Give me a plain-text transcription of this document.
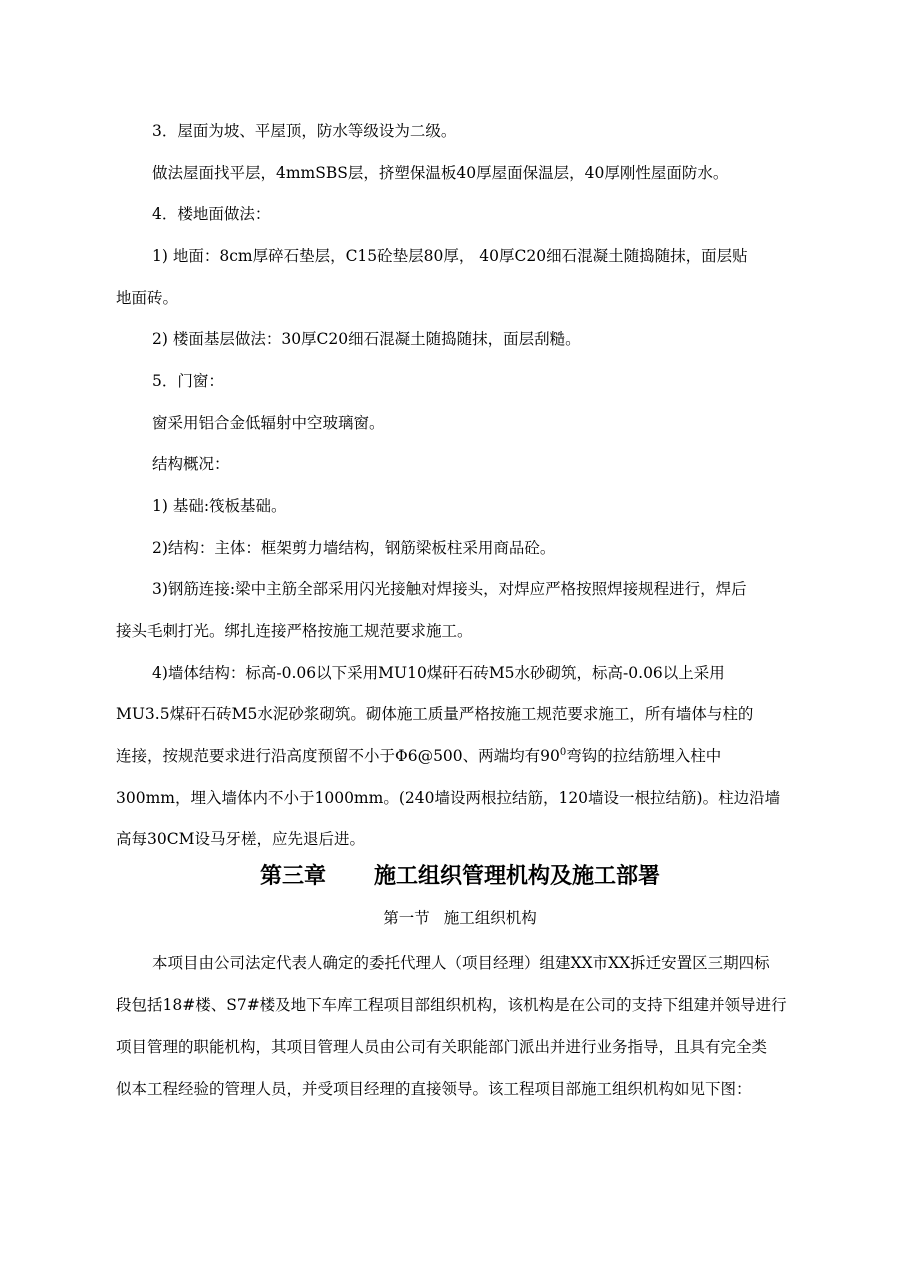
3．屋面为坡、平屋顶，防水等级设为二级。
做法屋面找平层，4mmSBS层，挤塑保温板40厚屋面保温层，40厚刚性屋面防水。
4．楼地面做法：
1) 地面：8cm厚碎石垫层，C15砼垫层80厚， 40厚C20细石混凝土随捣随抹，面层贴
地面砖。
2) 楼面基层做法：30厚C20细石混凝土随捣随抹，面层刮糙。
5．门窗：
窗采用铝合金低辐射中空玻璃窗。
结构概况：
1) 基础:筏板基础。
2)结构：主体：框架剪力墙结构，钢筋梁板柱采用商品砼。
3)钢筋连接:梁中主筋全部采用闪光接触对焊接头，对焊应严格按照焊接规程进行，焊后
接头毛刺打光。绑扎连接严格按施工规范要求施工。
4)墙体结构：标高-0.06以下采用MU10煤矸石砖M5水砂砌筑，标高-0.06以上采用
MU3.5煤矸石砖M5水泥砂浆砌筑。砌体施工质量严格按施工规范要求施工，所有墙体与柱的
连接，按规范要求进行沿高度预留不小于Φ6@500、两端均有$90^0$弯钩的拉结筋埋入柱中
300mm，埋入墙体内不小于1000mm。(240墙设两根拉结筋，120墙设一根拉结筋)。柱边沿墙
高每30CM设马牙槎，应先退后进。
第三章 施工组织管理机构及施工部署
第一节 施工组织机构
本项目由公司法定代表人确定的委托代理人（项目经理）组建XX市XX拆迁安置区三期四标
段包括18#楼、S7#楼及地下车库工程项目部组织机构，该机构是在公司的支持下组建并领导进行
项目管理的职能机构，其项目管理人员由公司有关职能部门派出并进行业务指导，且具有完全类
似本工程经验的管理人员，并受项目经理的直接领导。该工程项目部施工组织机构如见下图：
